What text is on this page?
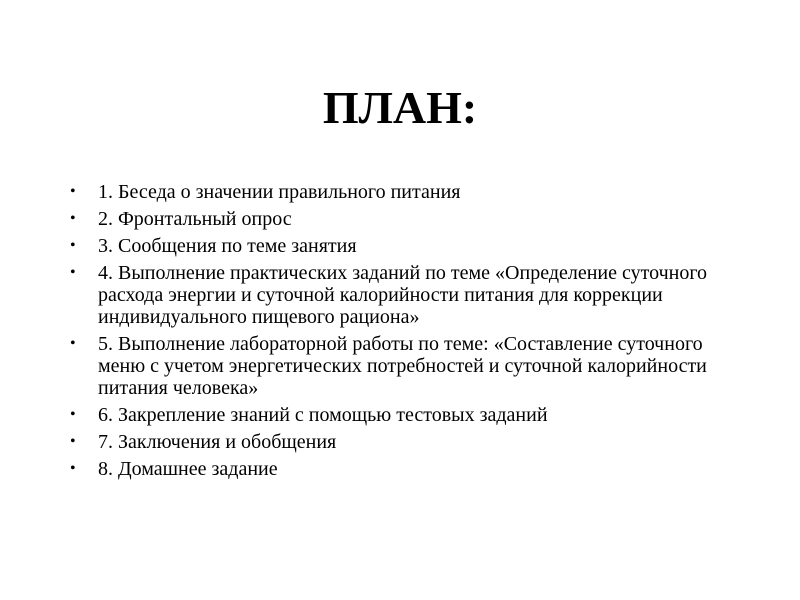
ПЛАН:
• 1. Беседа о значении правильного питания
• 2. Фронтальный опрос
• 3. Сообщения по теме занятия
• 4. Выполнение практических заданий по теме «Определение суточного расхода энергии и суточной калорийности питания для коррекции индивидуального пищевого рациона»
• 5. Выполнение лабораторной работы по теме: «Составление суточного меню с учетом энергетических потребностей и суточной калорийности питания человека»
• 6. Закрепление знаний с помощью тестовых заданий
• 7. Заключения и обобщения
• 8. Домашнее задание
